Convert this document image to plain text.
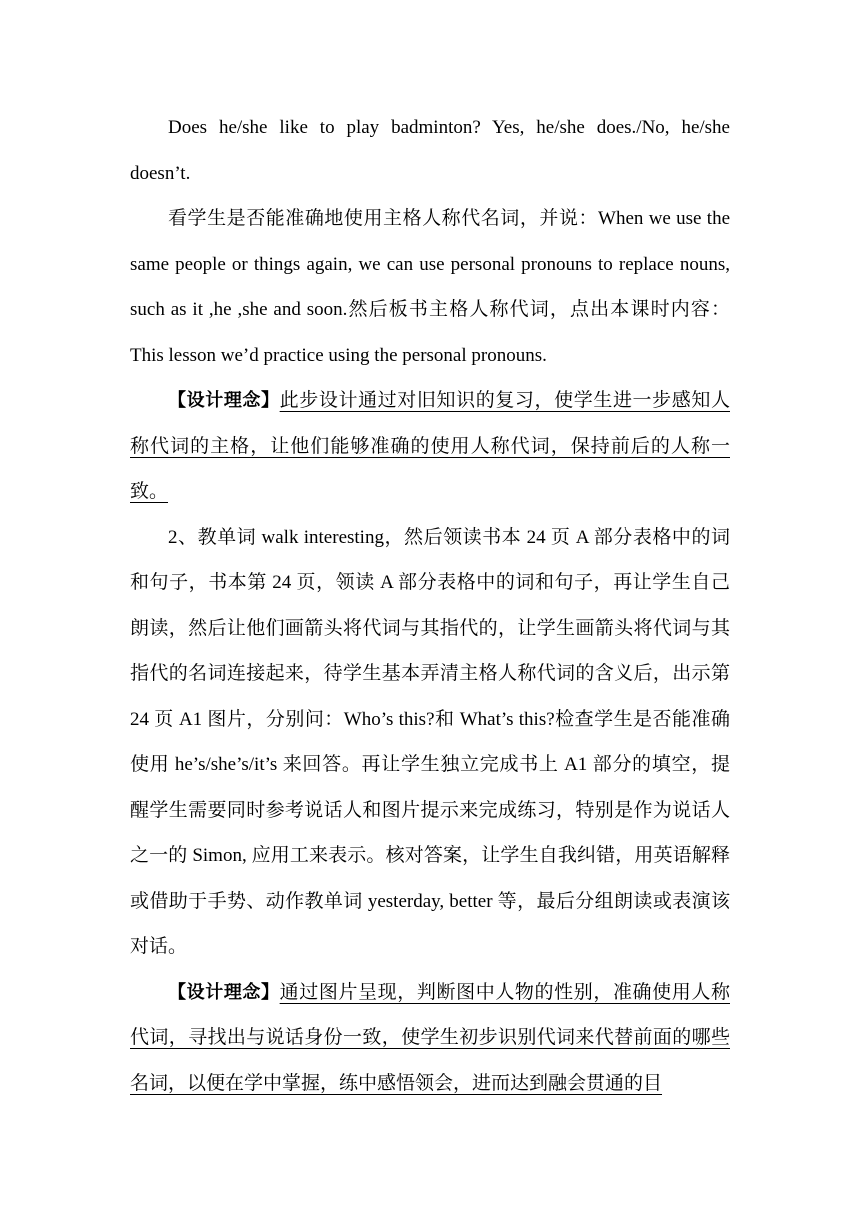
Does he/she like to play badminton? Yes, he/she does./No, he/she doesn’t.

看学生是否能准确地使用主格人称代名词，并说：When we use the same people or things again, we can use personal pronouns to replace nouns, such as it ,he ,she and soon.然后板书主格人称代词，点出本课时内容：This lesson we’d practice using the personal pronouns.

【设计理念】此步设计通过对旧知识的复习，使学生进一步感知人称代词的主格，让他们能够准确的使用人称代词，保持前后的人称一致。

2、教单词 walk interesting，然后领读书本 24 页 A 部分表格中的词和句子，书本第 24 页，领读 A 部分表格中的词和句子，再让学生自己朗读，然后让他们画箭头将代词与其指代的，让学生画箭头将代词与其指代的名词连接起来，待学生基本弄清主格人称代词的含义后，出示第 24 页 A1 图片，分别问：Who’s this?和 What’s this?检查学生是否能准确使用 he’s/she’s/it’s 来回答。再让学生独立完成书上 A1 部分的填空，提醒学生需要同时参考说话人和图片提示来完成练习，特别是作为说话人之一的 Simon, 应用工来表示。核对答案，让学生自我纠错，用英语解释或借助于手势、动作教单词 yesterday, better 等，最后分组朗读或表演该对话。

【设计理念】通过图片呈现，判断图中人物的性别，准确使用人称代词，寻找出与说话身份一致，使学生初步识别代词来代替前面的哪些名词，以便在学中掌握，练中感悟领会，进而达到融会贯通的目
